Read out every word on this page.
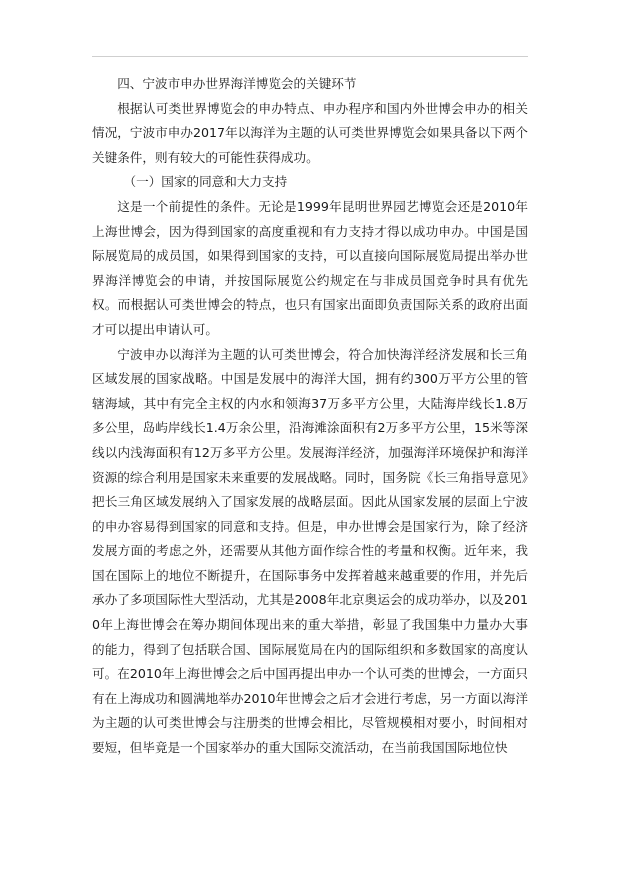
四、宁波市申办世界海洋博览会的关键环节

根据认可类世界博览会的申办特点、申办程序和国内外世博会申办的相关情况，宁波市申办2017年以海洋为主题的认可类世界博览会如果具备以下两个关键条件，则有较大的可能性获得成功。

（一）国家的同意和大力支持

这是一个前提性的条件。无论是1999年昆明世界园艺博览会还是2010年上海世博会，因为得到国家的高度重视和有力支持才得以成功申办。中国是国际展览局的成员国，如果得到国家的支持，可以直接向国际展览局提出举办世界海洋博览会的申请，并按国际展览公约规定在与非成员国竞争时具有优先权。而根据认可类世博会的特点，也只有国家出面即负责国际关系的政府出面才可以提出申请认可。

宁波申办以海洋为主题的认可类世博会，符合加快海洋经济发展和长三角区域发展的国家战略。中国是发展中的海洋大国，拥有约300万平方公里的管辖海域，其中有完全主权的内水和领海37万多平方公里，大陆海岸线长1.8万多公里，岛屿岸线长1.4万余公里，沿海滩涂面积有2万多平方公里，15米等深线以内浅海面积有12万多平方公里。发展海洋经济，加强海洋环境保护和海洋资源的综合利用是国家未来重要的发展战略。同时，国务院《长三角指导意见》把长三角区域发展纳入了国家发展的战略层面。因此从国家发展的层面上宁波的申办容易得到国家的同意和支持。但是，申办世博会是国家行为，除了经济发展方面的考虑之外，还需要从其他方面作综合性的考量和权衡。近年来，我国在国际上的地位不断提升，在国际事务中发挥着越来越重要的作用，并先后承办了多项国际性大型活动，尤其是2008年北京奥运会的成功举办，以及2010年上海世博会在筹办期间体现出来的重大举措，彰显了我国集中力量办大事的能力，得到了包括联合国、国际展览局在内的国际组织和多数国家的高度认可。在2010年上海世博会之后中国再提出申办一个认可类的世博会，一方面只有在上海成功和圆满地举办2010年世博会之后才会进行考虑，另一方面以海洋为主题的认可类世博会与注册类的世博会相比，尽管规模相对要小，时间相对要短，但毕竟是一个国家举办的重大国际交流活动，在当前我国国际地位快
